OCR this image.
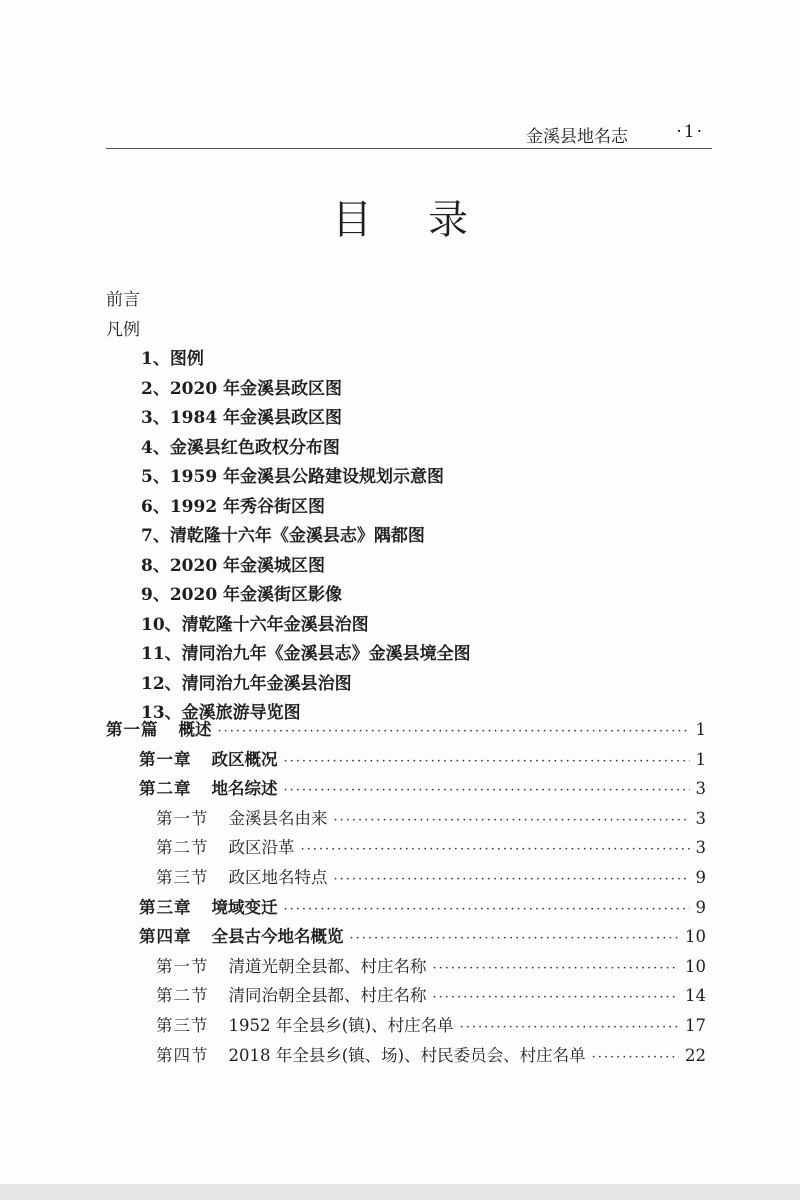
金溪县地名志	·1·
目录
前言
凡例
1、图例
2、2020 年金溪县政区图
3、1984 年金溪县政区图
4、金溪县红色政权分布图
5、1959 年金溪县公路建设规划示意图
6、1992 年秀谷街区图
7、清乾隆十六年《金溪县志》隅都图
8、2020 年金溪城区图
9、2020 年金溪街区影像
10、清乾隆十六年金溪县治图
11、清同治九年《金溪县志》金溪县境全图
12、清同治九年金溪县治图
13、金溪旅游导览图
第一篇 概述 ·····	1
第一章 政区概况 ·····	1
第二章 地名综述 ·····	3
第一节 金溪县名由来 ·····	3
第二节 政区沿革 ·····	3
第三节 政区地名特点 ·····	9
第三章 境域变迁 ·····	9
第四章 全县古今地名概览 ·····	10
第一节 清道光朝全县都、村庄名称 ·····	10
第二节 清同治朝全县都、村庄名称 ·····	14
第三节 1952 年全县乡(镇)、村庄名单 ·····	17
第四节 2018 年全县乡(镇、场)、村民委员会、村庄名单 ·····	22
